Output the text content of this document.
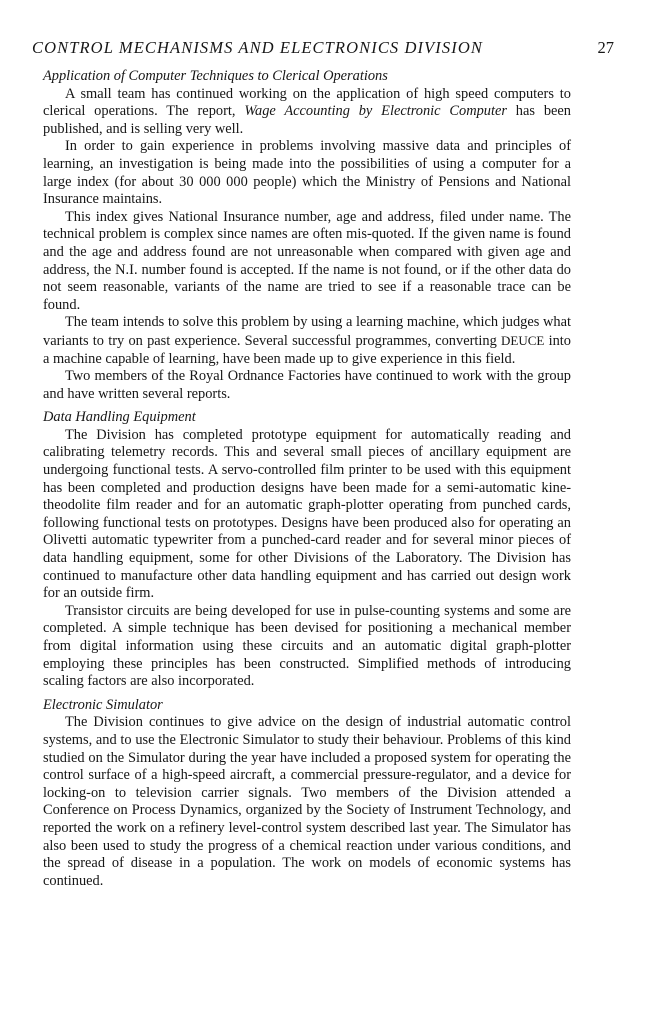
CONTROL MECHANISMS AND ELECTRONICS DIVISION	27
Application of Computer Techniques to Clerical Operations

A small team has continued working on the application of high speed computers to clerical operations. The report, Wage Accounting by Electronic Computer has been published, and is selling very well.

In order to gain experience in problems involving massive data and principles of learning, an investigation is being made into the possibilities of using a computer for a large index (for about 30 000 000 people) which the Ministry of Pensions and National Insurance maintains.

This index gives National Insurance number, age and address, filed under name. The technical problem is complex since names are often mis-quoted. If the given name is found and the age and address found are not unreasonable when compared with given age and address, the N.I. number found is accepted. If the name is not found, or if the other data do not seem reasonable, variants of the name are tried to see if a reasonable trace can be found.

The team intends to solve this problem by using a learning machine, which judges what variants to try on past experience. Several successful programmes, converting DEUCE into a machine capable of learning, have been made up to give experience in this field.

Two members of the Royal Ordnance Factories have continued to work with the group and have written several reports.

Data Handling Equipment

The Division has completed prototype equipment for automatically reading and calibrating telemetry records. This and several small pieces of ancillary equipment are undergoing functional tests. A servo-controlled film printer to be used with this equipment has been completed and production designs have been made for a semi-automatic kine-theodolite film reader and for an automatic graph-plotter operating from punched cards, following functional tests on prototypes. Designs have been produced also for operating an Olivetti automatic typewriter from a punched-card reader and for several minor pieces of data handling equipment, some for other Divisions of the Laboratory. The Division has continued to manufacture other data handling equipment and has carried out design work for an outside firm.

Transistor circuits are being developed for use in pulse-counting systems and some are completed. A simple technique has been devised for positioning a mechanical member from digital information using these circuits and an automatic digital graph-plotter employing these principles has been constructed. Simplified methods of introducing scaling factors are also incorporated.

Electronic Simulator

The Division continues to give advice on the design of industrial automatic control systems, and to use the Electronic Simulator to study their behaviour. Problems of this kind studied on the Simulator during the year have included a proposed system for operating the control surface of a high-speed aircraft, a commercial pressure-regulator, and a device for locking-on to television carrier signals. Two members of the Division attended a Conference on Process Dynamics, organized by the Society of Instrument Technology, and reported the work on a refinery level-control system described last year. The Simulator has also been used to study the progress of a chemical reaction under various conditions, and the spread of disease in a population. The work on models of economic systems has continued.
